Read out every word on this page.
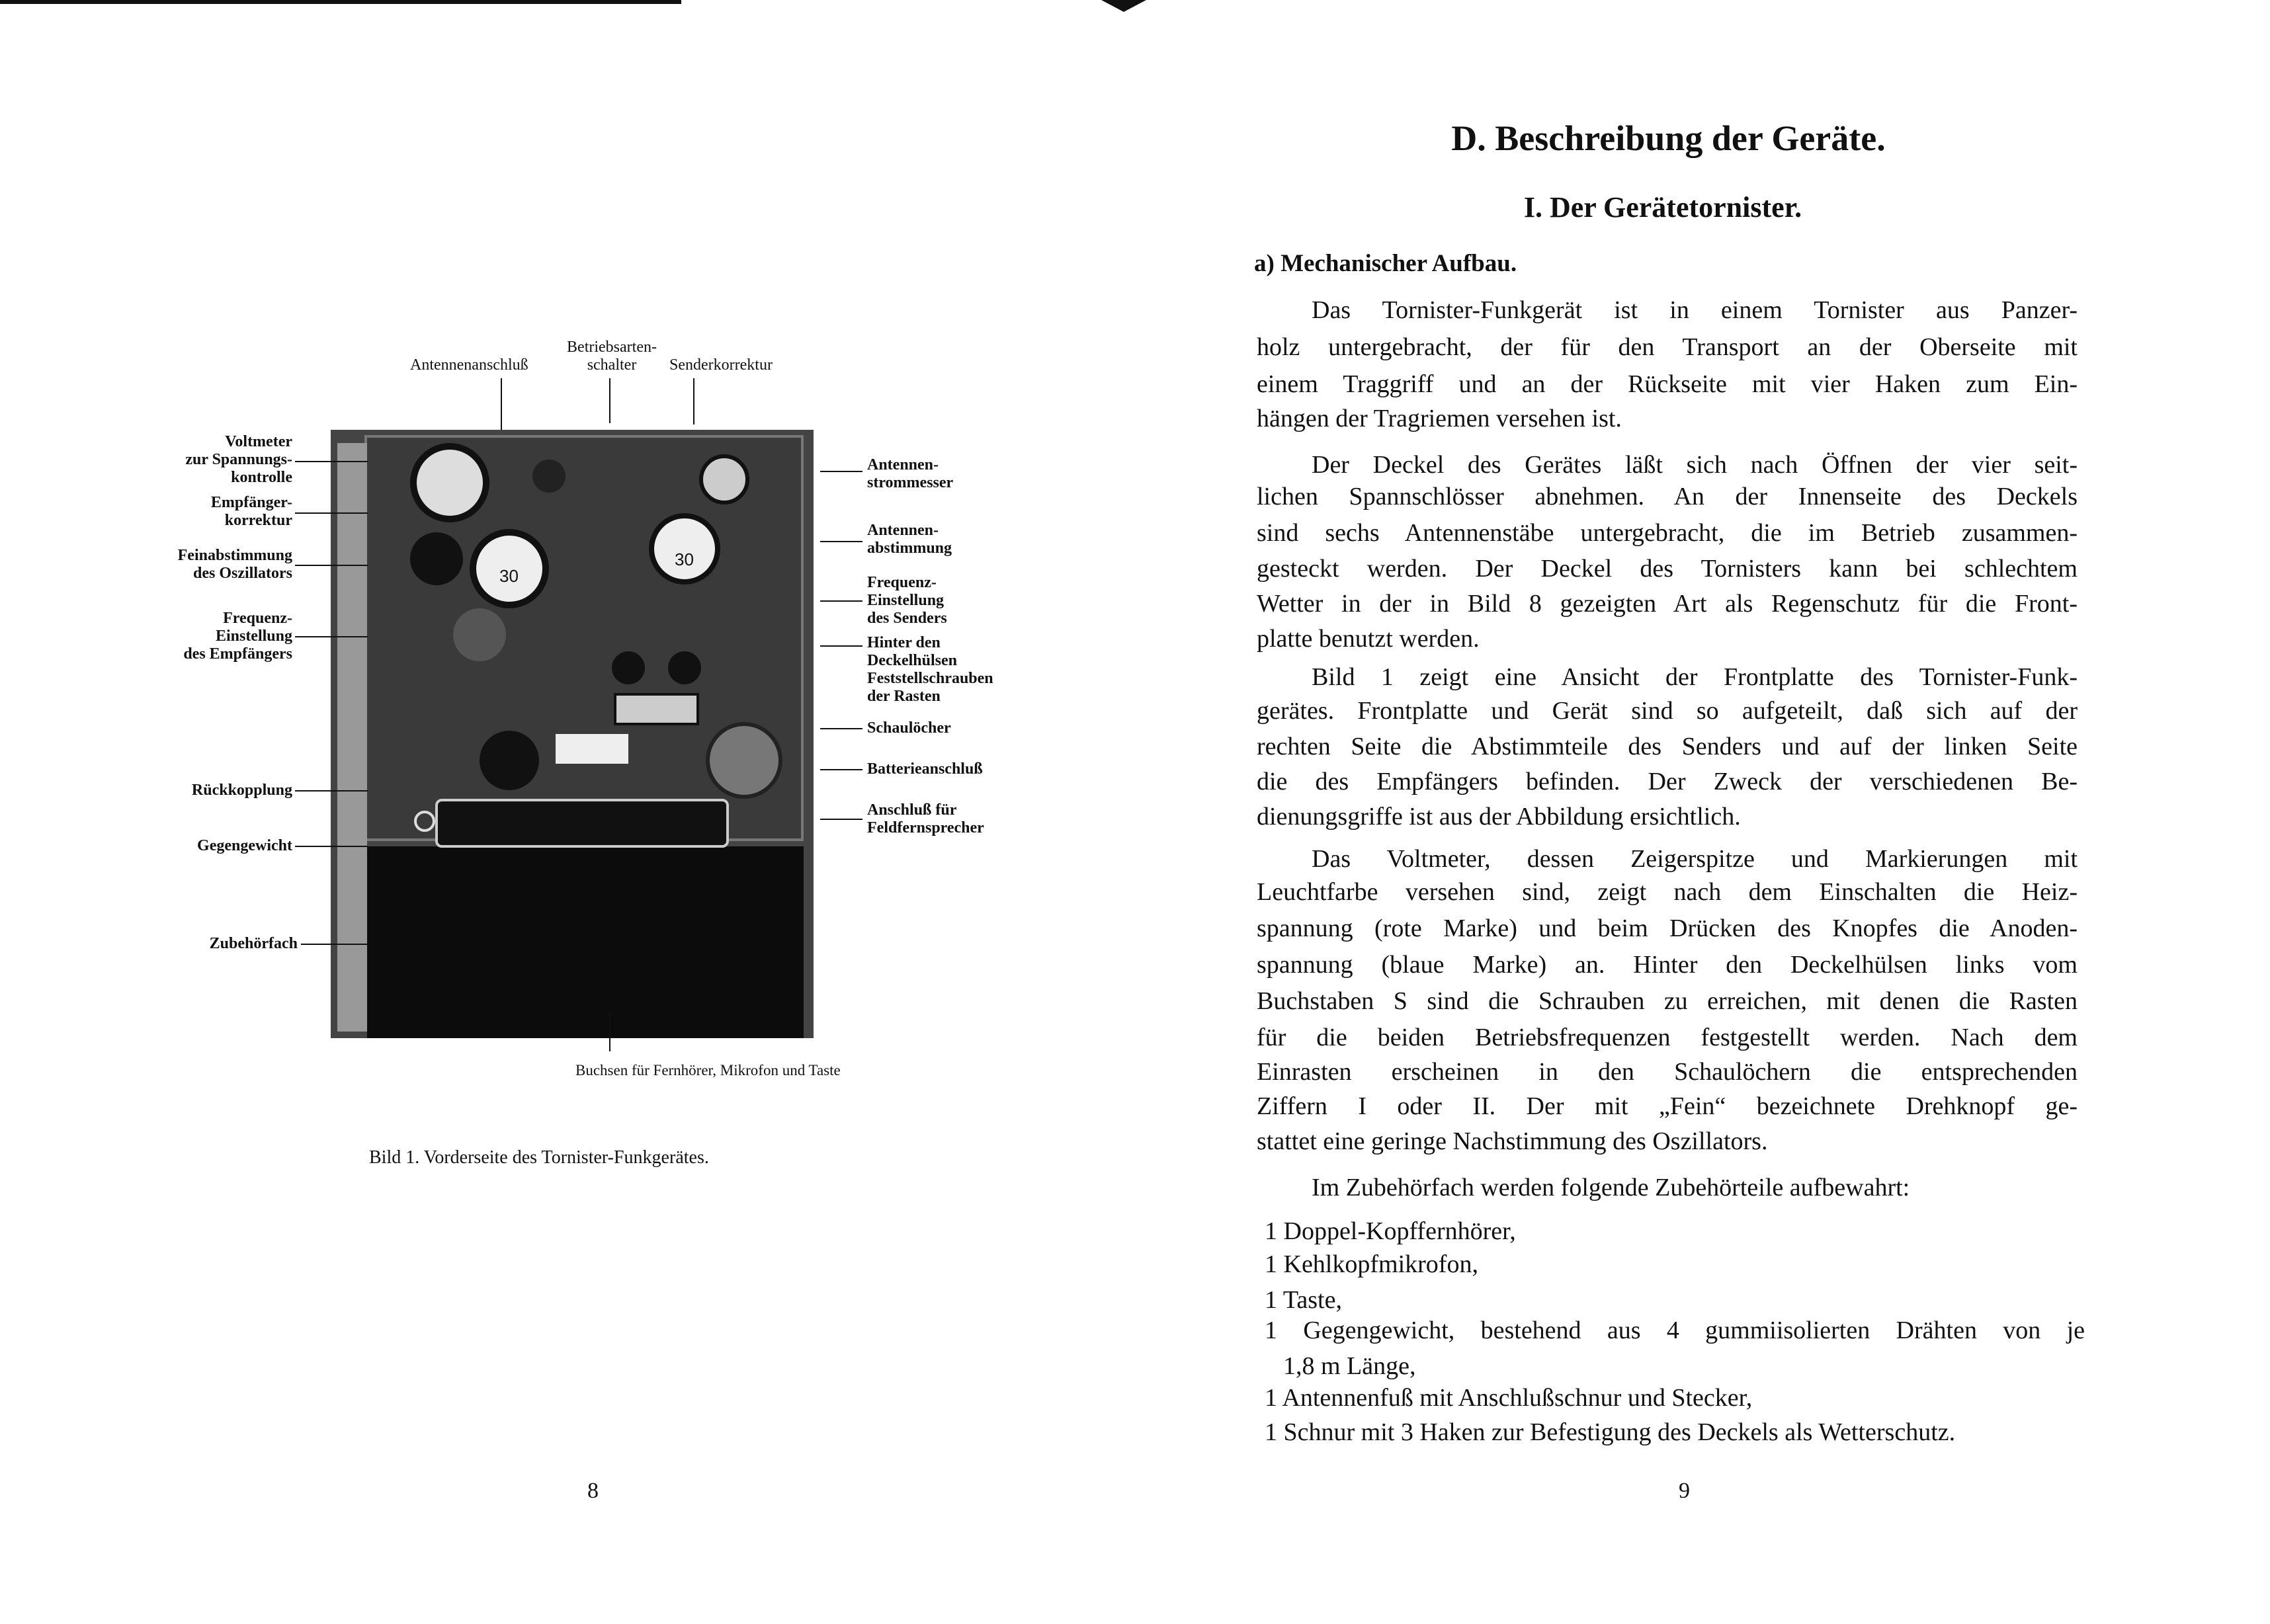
30
30
Betriebsarten-
schalter
Antennenanschluß	Senderkorrektur
Voltmeter
zur Spannungs-
kontrolle
Empfänger-
korrektur
Feinabstimmung
des Oszillators
Frequenz-
Einstellung
des Empfängers
Rückkopplung
Gegengewicht
Zubehörfach
Antennen-
strommesser
Antennen-
abstimmung
Frequenz-
Einstellung
des Senders
Hinter den
Deckelhülsen
Feststellschrauben
der Rasten
Schaulöcher
Batterieanschluß
Anschluß für
Feldfernsprecher
Buchsen für Fernhörer, Mikrofon und Taste
Bild 1. Vorderseite des Tornister-Funkgerätes.
8
D. Beschreibung der Geräte.
I. Der Gerätetornister.
a) Mechanischer Aufbau.
Das Tornister-Funkgerät ist in einem Tornister aus Panzer-
holz untergebracht, der für den Transport an der Oberseite mit
einem Traggriff und an der Rückseite mit vier Haken zum Ein-
hängen der Tragriemen versehen ist.
Der Deckel des Gerätes läßt sich nach Öffnen der vier seit-
lichen Spannschlösser abnehmen. An der Innenseite des Deckels
sind sechs Antennenstäbe untergebracht, die im Betrieb zusammen-
gesteckt werden. Der Deckel des Tornisters kann bei schlechtem
Wetter in der in Bild 8 gezeigten Art als Regenschutz für die Front-
platte benutzt werden.
Bild 1 zeigt eine Ansicht der Frontplatte des Tornister-Funk-
gerätes. Frontplatte und Gerät sind so aufgeteilt, daß sich auf der
rechten Seite die Abstimmteile des Senders und auf der linken Seite
die des Empfängers befinden. Der Zweck der verschiedenen Be-
dienungsgriffe ist aus der Abbildung ersichtlich.
Das Voltmeter, dessen Zeigerspitze und Markierungen mit
Leuchtfarbe versehen sind, zeigt nach dem Einschalten die Heiz-
spannung (rote Marke) und beim Drücken des Knopfes die Anoden-
spannung (blaue Marke) an. Hinter den Deckelhülsen links vom
Buchstaben S sind die Schrauben zu erreichen, mit denen die Rasten
für die beiden Betriebsfrequenzen festgestellt werden. Nach dem
Einrasten erscheinen in den Schaulöchern die entsprechenden
Ziffern I oder II. Der mit „Fein“ bezeichnete Drehknopf ge-
stattet eine geringe Nachstimmung des Oszillators.
Im Zubehörfach werden folgende Zubehörteile aufbewahrt:
1 Doppel-Kopffernhörer,
1 Kehlkopfmikrofon,
1 Taste,
1 Gegengewicht, bestehend aus 4 gummiisolierten Drähten von je
1,8 m Länge,
1 Antennenfuß mit Anschlußschnur und Stecker,
1 Schnur mit 3 Haken zur Befestigung des Deckels als Wetterschutz.
9
